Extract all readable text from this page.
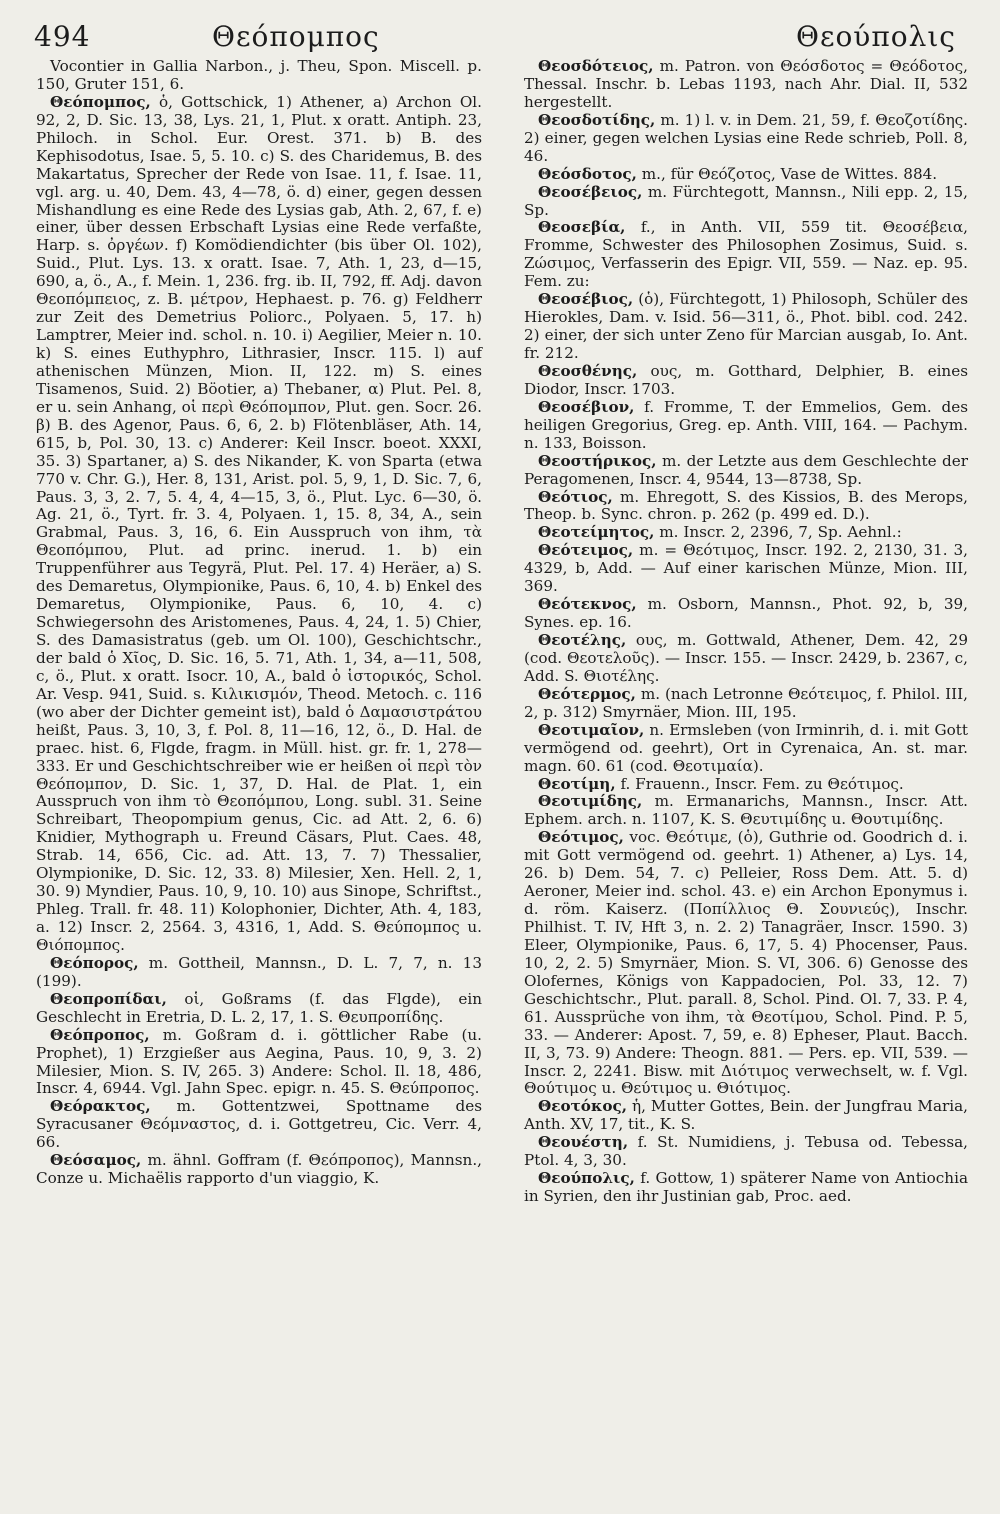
494	Θεόπομπος	Θεούπολις

Vocontier in Gallia Narbon., j. Theu, Spon. Miscell. p. 150, Gruter 151, 6.

Θεόπομπος, ὁ, Gottschick, 1) Athener, a) Archon Ol. 92, 2, D. Sic. 13, 38, Lys. 21, 1, Plut. x oratt. Antiph. 23, Philoch. in Schol. Eur. Orest. 371. b) B. des Kephisodotus, Isae. 5, 5. 10. c) S. des Charidemus, B. des Makartatus, Sprecher der Rede von Isae. 11, f. Isae. 11, vgl. arg. u. 40, Dem. 43, 4—78, ö. d) einer, gegen dessen Mishandlung es eine Rede des Lysias gab, Ath. 2, 67, f. e) einer, über dessen Erbschaft Lysias eine Rede verfaßte, Harp. s. ὀργέων. f) Komödiendichter (bis über Ol. 102), Suid., Plut. Lys. 13. x oratt. Isae. 7, Ath. 1, 23, d—15, 690, a, ö., A., f. Mein. 1, 236. frg. ib. II, 792, ff. Adj. davon Θεοπόμπειος, z. B. μέτρον, Hephaest. p. 76. g) Feldherr zur Zeit des Demetrius Poliorc., Polyaen. 5, 17. h) Lamptrer, Meier ind. schol. n. 10. i) Aegilier, Meier n. 10. k) S. eines Euthyphro, Lithrasier, Inscr. 115. l) auf athenischen Münzen, Mion. II, 122. m) S. eines Tisamenos, Suid. 2) Böotier, a) Thebaner, α) Plut. Pel. 8, er u. sein Anhang, οἱ περὶ Θεόπομπον, Plut. gen. Socr. 26. β) B. des Agenor, Paus. 6, 6, 2. b) Flötenbläser, Ath. 14, 615, b, Pol. 30, 13. c) Anderer: Keil Inscr. boeot. XXXI, 35. 3) Spartaner, a) S. des Nikander, K. von Sparta (etwa 770 v. Chr. G.), Her. 8, 131, Arist. pol. 5, 9, 1, D. Sic. 7, 6, Paus. 3, 3, 2. 7, 5. 4, 4, 4—15, 3, ö., Plut. Lyc. 6—30, ö. Ag. 21, ö., Tyrt. fr. 3. 4, Polyaen. 1, 15. 8, 34, A., sein Grabmal, Paus. 3, 16, 6. Ein Ausspruch von ihm, τὰ Θεοπόμπου, Plut. ad princ. inerud. 1. b) ein Truppenführer aus Tegyrä, Plut. Pel. 17. 4) Heräer, a) S. des Demaretus, Olympionike, Paus. 6, 10, 4. b) Enkel des Demaretus, Olympionike, Paus. 6, 10, 4. c) Schwiegersohn des Aristomenes, Paus. 4, 24, 1. 5) Chier, S. des Damasistratus (geb. um Ol. 100), Geschichtschr., der bald ὁ Χῖος, D. Sic. 16, 5. 71, Ath. 1, 34, a—11, 508, c, ö., Plut. x oratt. Isocr. 10, A., bald ὁ ἱστορικός, Schol. Ar. Vesp. 941, Suid. s. Κιλικισμόν, Theod. Metoch. c. 116 (wo aber der Dichter gemeint ist), bald ὁ Δαμασιστράτου heißt, Paus. 3, 10, 3, f. Pol. 8, 11—16, 12, ö., D. Hal. de praec. hist. 6, Flgde, fragm. in Müll. hist. gr. fr. 1, 278—333. Er und Geschichtschreiber wie er heißen οἱ περὶ τὸν Θεόπομπον, D. Sic. 1, 37, D. Hal. de Plat. 1, ein Ausspruch von ihm τὸ Θεοπόμπου, Long. subl. 31. Seine Schreibart, Theopompium genus, Cic. ad Att. 2, 6. 6) Knidier, Mythograph u. Freund Cäsars, Plut. Caes. 48, Strab. 14, 656, Cic. ad. Att. 13, 7. 7) Thessalier, Olympionike, D. Sic. 12, 33. 8) Milesier, Xen. Hell. 2, 1, 30. 9) Myndier, Paus. 10, 9, 10. 10) aus Sinope, Schriftst., Phleg. Trall. fr. 48. 11) Kolophonier, Dichter, Ath. 4, 183, a. 12) Inscr. 2, 2564. 3, 4316, 1, Add. S. Θεύπομπος u. Θιόπομπος.

Θεόπορος, m. Gottheil, Mannsn., D. L. 7, 7, n. 13 (199).

Θεοπροπίδαι, οἱ, Goßrams (f. das Flgde), ein Geschlecht in Eretria, D. L. 2, 17, 1. S. Θευπροπίδης.

Θεόπροπος, m. Goßram d. i. göttlicher Rabe (u. Prophet), 1) Erzgießer aus Aegina, Paus. 10, 9, 3. 2) Milesier, Mion. S. IV, 265. 3) Andere: Schol. Il. 18, 486, Inscr. 4, 6944. Vgl. Jahn Spec. epigr. n. 45. S. Θεύπροπος.

Θεόρακτος, m. Gottentzwei, Spottname des Syracusaner Θεόμναστος, d. i. Gottgetreu, Cic. Verr. 4, 66.

Θεόσαμος, m. ähnl. Goffram (f. Θεόπροπος), Mannsn., Conze u. Michaëlis rapporto d'un viaggio, K.

Θεοσδότειος, m. Patron. von Θεόσδοτος = Θεόδοτος, Thessal. Inschr. b. Lebas 1193, nach Ahr. Dial. II, 532 hergestellt.

Θεοσδοτίδης, m. 1) l. v. in Dem. 21, 59, f. Θεοζοτίδης. 2) einer, gegen welchen Lysias eine Rede schrieb, Poll. 8, 46.

Θεόσδοτος, m., für Θεόζοτος, Vase de Wittes. 884.

Θεοσέβειος, m. Fürchtegott, Mannsn., Nili epp. 2, 15, Sp.

Θεοσεβία, f., in Anth. VII, 559 tit. Θεοσέβεια, Fromme, Schwester des Philosophen Zosimus, Suid. s. Ζώσιμος, Verfasserin des Epigr. VII, 559. — Naz. ep. 95. Fem. zu:

Θεοσέβιος, (ὁ), Fürchtegott, 1) Philosoph, Schüler des Hierokles, Dam. v. Isid. 56—311, ö., Phot. bibl. cod. 242. 2) einer, der sich unter Zeno für Marcian ausgab, Io. Ant. fr. 212.

Θεοσθένης, ους, m. Gotthard, Delphier, B. eines Diodor, Inscr. 1703.

Θεοσέβιον, f. Fromme, T. der Emmelios, Gem. des heiligen Gregorius, Greg. ep. Anth. VIII, 164. — Pachym. n. 133, Boisson.

Θεοστήρικος, m. der Letzte aus dem Geschlechte der Peragomenen, Inscr. 4, 9544, 13—8738, Sp.

Θεότιος, m. Ehregott, S. des Kissios, B. des Merops, Theop. b. Sync. chron. p. 262 (p. 499 ed. D.).

Θεοτείμητος, m. Inscr. 2, 2396, 7, Sp. Aehnl.:

Θεότειμος, m. = Θεότιμος, Inscr. 192. 2, 2130, 31. 3, 4329, b, Add. — Auf einer karischen Münze, Mion. III, 369.

Θεότεκνος, m. Osborn, Mannsn., Phot. 92, b, 39, Synes. ep. 16.

Θεοτέλης, ους, m. Gottwald, Athener, Dem. 42, 29 (cod. Θεοτελοῦς). — Inscr. 155. — Inscr. 2429, b. 2367, c, Add. S. Θιοτέλης.

Θεότερμος, m. (nach Letronne Θεότειμος, f. Philol. III, 2, p. 312) Smyrnäer, Mion. III, 195.

Θεοτιμαῖον, n. Ermsleben (von Irminrih, d. i. mit Gott vermögend od. geehrt), Ort in Cyrenaica, An. st. mar. magn. 60. 61 (cod. Θεοτιμαία).

Θεοτίμη, f. Frauenn., Inscr. Fem. zu Θεότιμος.

Θεοτιμίδης, m. Ermanarichs, Mannsn., Inscr. Att. Ephem. arch. n. 1107, K. S. Θευτιμίδης u. Θουτιμίδης.

Θεότιμος, voc. Θεότιμε, (ὁ), Guthrie od. Goodrich d. i. mit Gott vermögend od. geehrt. 1) Athener, a) Lys. 14, 26. b) Dem. 54, 7. c) Pelleier, Ross Dem. Att. 5. d) Aeroner, Meier ind. schol. 43. e) ein Archon Eponymus i. d. röm. Kaiserz. (Ποπίλλιος Θ. Σουνιεύς), Inschr. Philhist. T. IV, Hft 3, n. 2. 2) Tanagräer, Inscr. 1590. 3) Eleer, Olympionike, Paus. 6, 17, 5. 4) Phocenser, Paus. 10, 2, 2. 5) Smyrnäer, Mion. S. VI, 306. 6) Genosse des Olofernes, Königs von Kappadocien, Pol. 33, 12. 7) Geschichtschr., Plut. parall. 8, Schol. Pind. Ol. 7, 33. P. 4, 61. Aussprüche von ihm, τὰ Θεοτίμου, Schol. Pind. P. 5, 33. — Anderer: Apost. 7, 59, e. 8) Epheser, Plaut. Bacch. II, 3, 73. 9) Andere: Theogn. 881. — Pers. ep. VII, 539. — Inscr. 2, 2241. Bisw. mit Διότιμος verwechselt, w. f. Vgl. Θούτιμος u. Θεύτιμος u. Θιότιμος.

Θεοτόκος, ἡ, Mutter Gottes, Bein. der Jungfrau Maria, Anth. XV, 17, tit., K. S.

Θεουέστη, f. St. Numidiens, j. Tebusa od. Tebessa, Ptol. 4, 3, 30.

Θεούπολις, f. Gottow, 1) späterer Name von Antiochia in Syrien, den ihr Justinian gab, Proc. aed.
